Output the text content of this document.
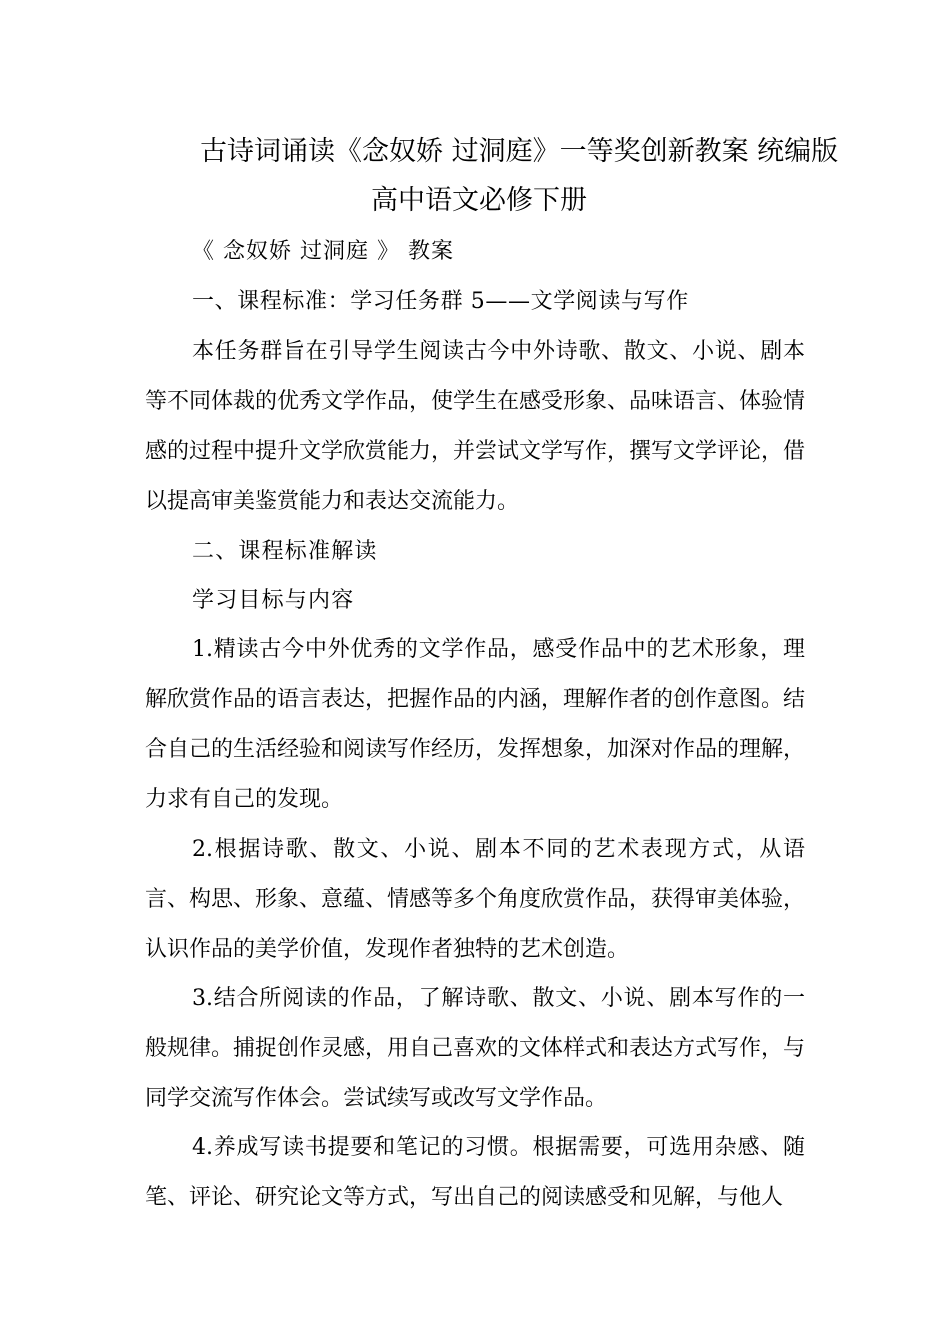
古诗词诵读《念奴娇 过洞庭》一等奖创新教案 统编版
高中语文必修下册
《 念奴娇 过洞庭 》 教案
一、课程标准：学习任务群 5——文学阅读与写作
本任务群旨在引导学生阅读古今中外诗歌、散文、小说、剧本等不同体裁的优秀文学作品，使学生在感受形象、品味语言、体验情感的过程中提升文学欣赏能力，并尝试文学写作，撰写文学评论，借以提高审美鉴赏能力和表达交流能力。
二、课程标准解读
学习目标与内容
1.精读古今中外优秀的文学作品，感受作品中的艺术形象，理解欣赏作品的语言表达，把握作品的内涵，理解作者的创作意图。结合自己的生活经验和阅读写作经历，发挥想象，加深对作品的理解，力求有自己的发现。
2.根据诗歌、散文、小说、剧本不同的艺术表现方式，从语言、构思、形象、意蕴、情感等多个角度欣赏作品，获得审美体验，认识作品的美学价值，发现作者独特的艺术创造。
3.结合所阅读的作品，了解诗歌、散文、小说、剧本写作的一般规律。捕捉创作灵感，用自己喜欢的文体样式和表达方式写作，与同学交流写作体会。尝试续写或改写文学作品。
4.养成写读书提要和笔记的习惯。根据需要，可选用杂感、随笔、评论、研究论文等方式，写出自己的阅读感受和见解，与他人
